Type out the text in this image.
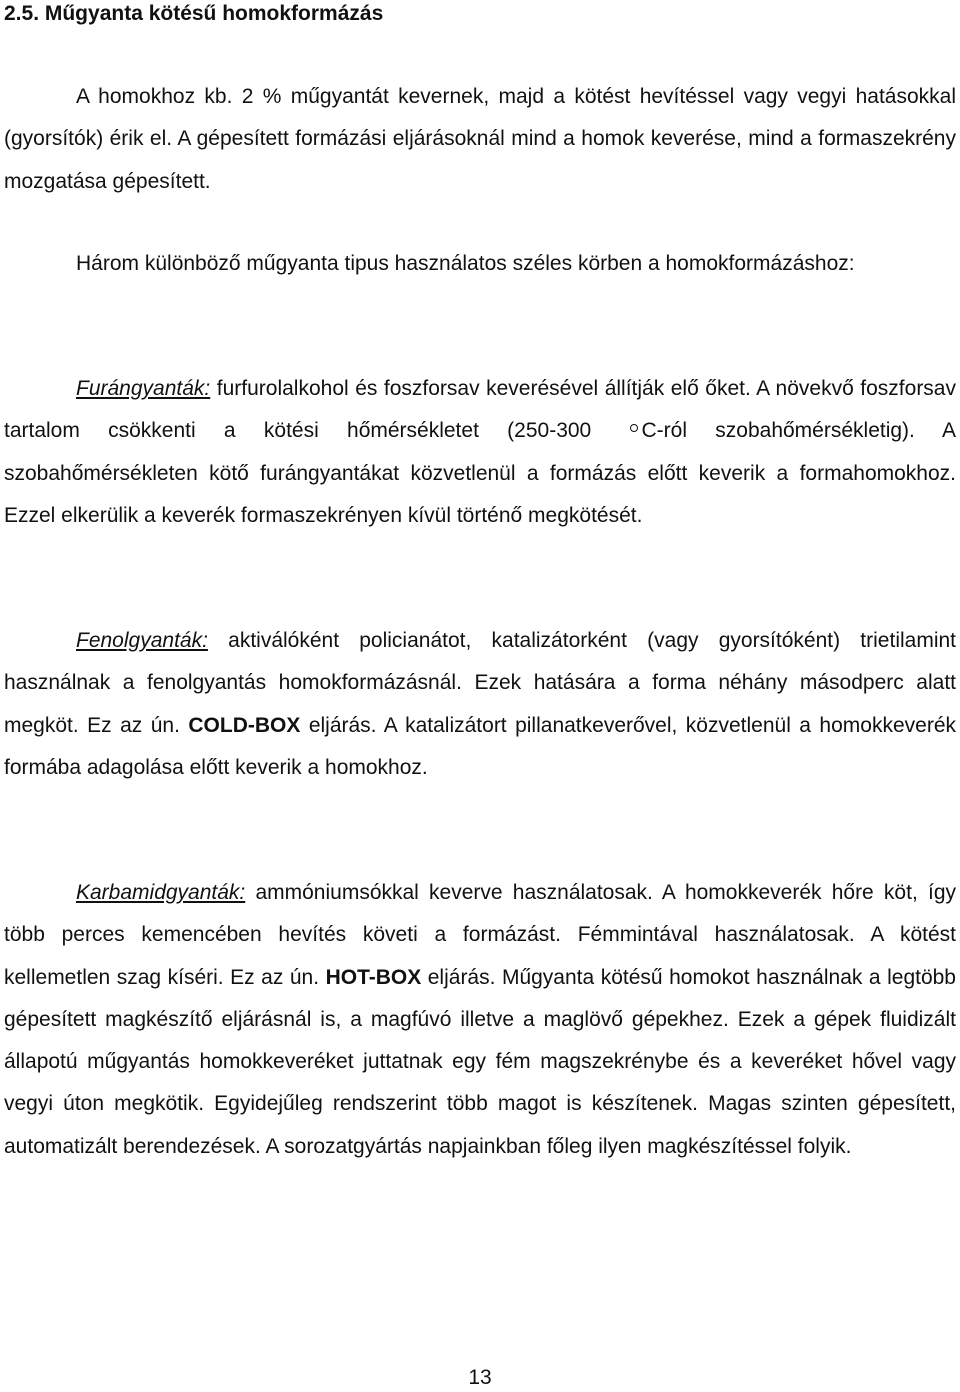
2.5. Műgyanta kötésű homokformázás

A homokhoz kb. 2 % műgyantát kevernek, majd a kötést hevítéssel vagy vegyi hatásokkal (gyorsítók) érik el. A gépesített formázási eljárásoknál mind a homok keverése, mind a formaszekrény mozgatása gépesített.

Három különböző műgyanta tipus használatos széles körben a homokformázáshoz:

Furángyanták: furfurolalkohol és foszforsav keverésével állítják elő őket. A növekvő foszforsav tartalom csökkenti a kötési hőmérsékletet (250-300 C-ról szobahőmérsékletig). A szobahőmérsékleten kötő furángyantákat közvetlenül a formázás előtt keverik a formahomokhoz. Ezzel elkerülik a keverék formaszekrényen kívül történő megkötését.

Fenolgyanták: aktiválóként policianátot, katalizátorként (vagy gyorsítóként) trietilamint használnak a fenolgyantás homokformázásnál. Ezek hatására a forma néhány másodperc alatt megköt. Ez az ún. COLD-BOX eljárás. A katalizátort pillanatkeverővel, közvetlenül a homokkeverék formába adagolása előtt keverik a homokhoz.

Karbamidgyanták: ammóniumsókkal keverve használatosak. A homokkeverék hőre köt, így több perces kemencében hevítés követi a formázást. Fémmintával használatosak. A kötést kellemetlen szag kíséri. Ez az ún. HOT-BOX eljárás. Műgyanta kötésű homokot használnak a legtöbb gépesített magkészítő eljárásnál is, a magfúvó illetve a maglövő gépekhez. Ezek a gépek fluidizált állapotú műgyantás homokkeveréket juttatnak egy fém magszekrénybe és a keveréket hővel vagy vegyi úton megkötik. Egyidejűleg rendszerint több magot is készítenek. Magas szinten gépesített, automatizált berendezések. A sorozatgyártás napjainkban főleg ilyen magkészítéssel folyik.

13
